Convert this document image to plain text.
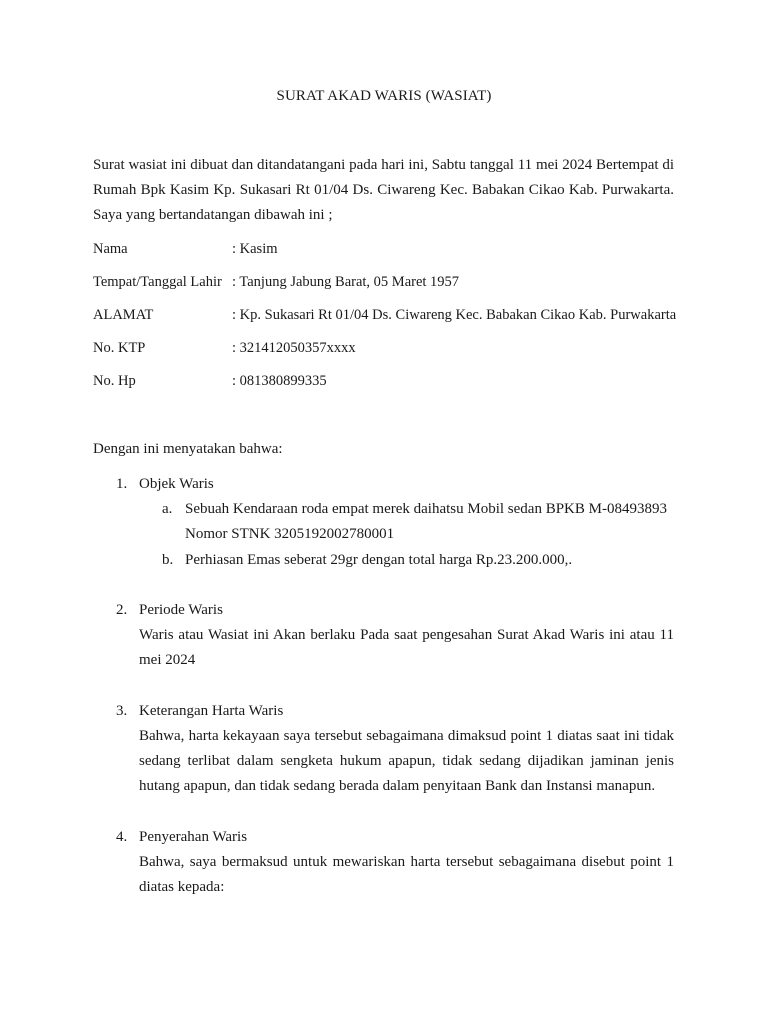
SURAT AKAD WARIS (WASIAT)
Surat wasiat ini dibuat dan ditandatangani pada hari ini, Sabtu tanggal 11 mei 2024 Bertempat di Rumah Bpk Kasim Kp. Sukasari Rt 01/04 Ds. Ciwareng Kec. Babakan Cikao Kab. Purwakarta. Saya yang bertandatangan dibawah ini ;
Nama	: Kasim
Tempat/Tanggal Lahir : Tanjung Jabung Barat, 05 Maret 1957
ALAMAT	: Kp. Sukasari Rt 01/04 Ds. Ciwareng Kec. Babakan Cikao Kab. Purwakarta
No. KTP	: 321412050357xxxx
No. Hp	: 081380899335
Dengan ini menyatakan bahwa:
1. Objek Waris
a. Sebuah Kendaraan roda empat merek daihatsu Mobil sedan BPKB M-08493893 Nomor STNK 3205192002780001
b. Perhiasan Emas seberat 29gr dengan total harga Rp.23.200.000,.
2. Periode Waris
Waris atau Wasiat ini Akan berlaku Pada saat pengesahan Surat Akad Waris ini atau 11 mei 2024
3. Keterangan Harta Waris
Bahwa, harta kekayaan saya tersebut sebagaimana dimaksud point 1 diatas saat ini tidak sedang terlibat dalam sengketa hukum apapun, tidak sedang dijadikan jaminan jenis hutang apapun, dan tidak sedang berada dalam penyitaan Bank dan Instansi manapun.
4. Penyerahan Waris
Bahwa, saya bermaksud untuk mewariskan harta tersebut sebagaimana disebut point 1 diatas kepada:
